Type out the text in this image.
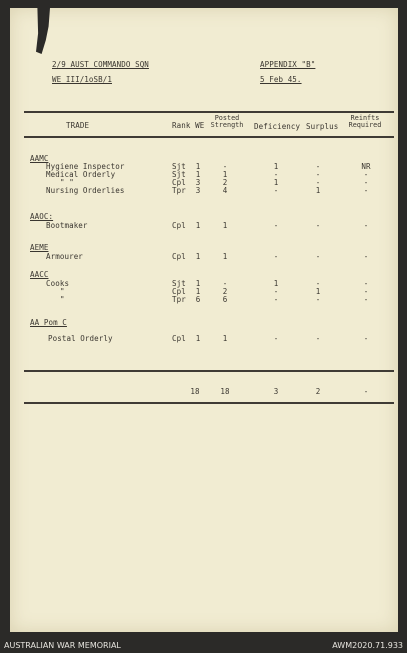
2/9 AUST COMMANDO SQN
WE III/1oSB/1
APPENDIX "B"
5 Feb 45.
TRADE	Rank WE
Posted
Strength	Deficiency Surplus
Reinfts
Required
AAMC
Hygiene Inspector	Sjt 1	-	1	-	NR
Medical Orderly	Sjt 1	1	-	-	-
" "	Cpl 3	2	1	-	-
Nursing Orderlies	Tpr 3	4	-	1	-
AAOC:
Bootmaker	Cpl 1	1	-	-	-
AEME
Armourer	Cpl 1	1	-	-	-
AACC
Cooks	Sjt 1	-	1	-	-
"	Cpl 1	2	-	1	-
"	Tpr 6	6	-	-	-
AA Pom C
Postal Orderly	Cpl 1	1	-	-	-
18	18	3	2	-
AUSTRALIAN WAR MEMORIAL	AWM2020.71.933
